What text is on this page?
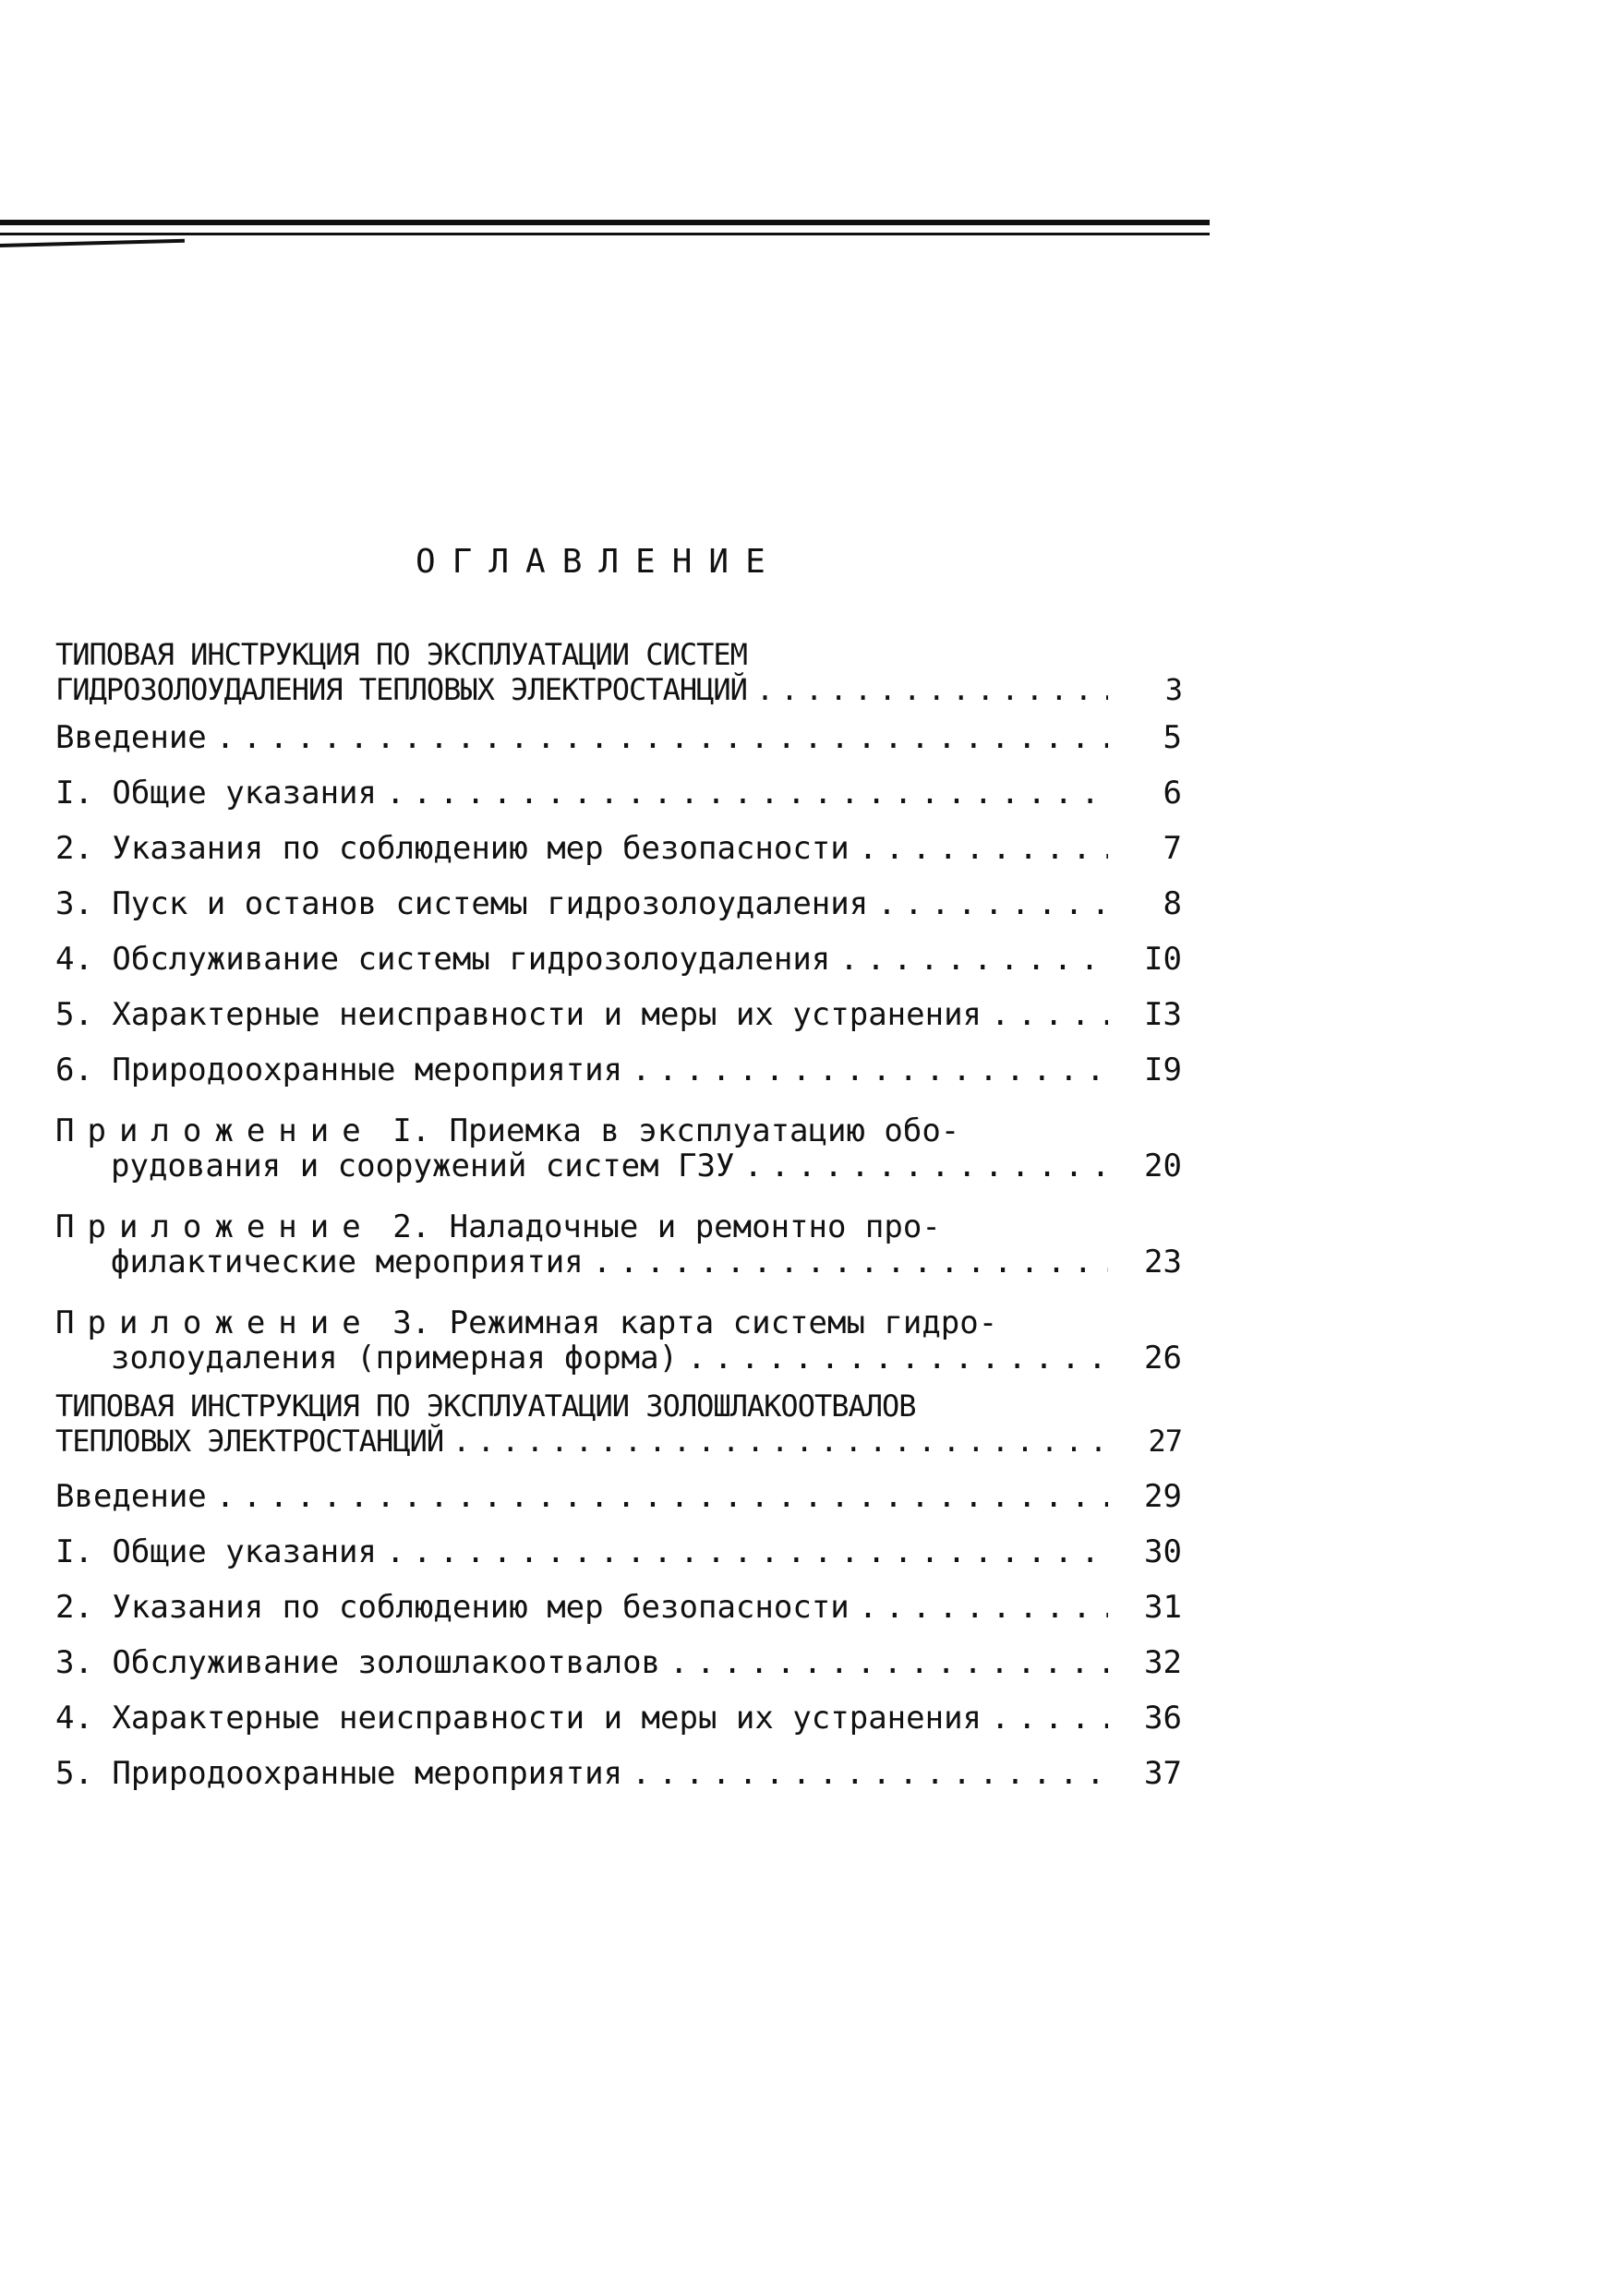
ОГЛАВЛЕНИЕ
ТИПОВАЯ ИНСТРУКЦИЯ ПО ЭКСПЛУАТАЦИИ СИСТЕМ
ГИДРОЗОЛОУДАЛЕНИЯ ТЕПЛОВЫХ ЭЛЕКТРОСТАНЦИЙ . . .	3
Введение . . .	5
I. Общие указания . . .	6
2. Указания по соблюдению мер безопасности . . .	7
3. Пуск и останов системы гидрозолоудаления . . .	8
4. Обслуживание системы гидрозолоудаления . . .	I0
5. Характерные неисправности и меры их устранения . . .	I3
6. Природоохранные мероприятия . . .	I9
Приложение I. Приемка в эксплуатацию обо-
рудования и сооружений систем ГЗУ . . .	20
Приложение 2. Наладочные и ремонтно про-
филактические мероприятия . . .	23
Приложение 3. Режимная карта системы гидро-
золоудаления (примерная форма) . . .	26
ТИПОВАЯ ИНСТРУКЦИЯ ПО ЭКСПЛУАТАЦИИ ЗОЛОШЛАКООТВАЛОВ
ТЕПЛОВЫХ ЭЛЕКТРОСТАНЦИЙ . . .	27
Введение . . .	29
I. Общие указания . . .	30
2. Указания по соблюдению мер безопасности . . .	31
3. Обслуживание золошлакоотвалов . . .	32
4. Характерные неисправности и меры их устранения . . .	36
5. Природоохранные мероприятия . . .	37
